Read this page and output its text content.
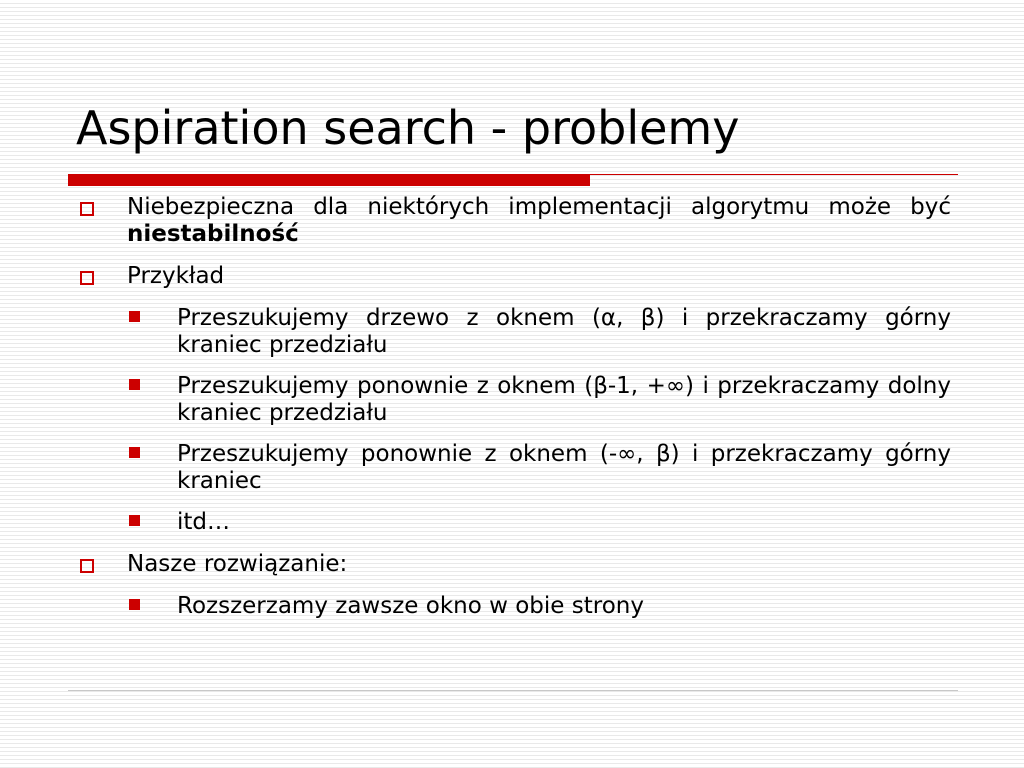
Aspiration search - problemy
Niebezpieczna dla niektórych implementacji algorytmu może być niestabilność
Przykład
Przeszukujemy drzewo z oknem (α, β) i przekraczamy górny kraniec przedziału
Przeszukujemy ponownie z oknem (β-1, +∞) i przekraczamy dolny kraniec przedziału
Przeszukujemy ponownie z oknem (-∞, β) i przekraczamy górny kraniec
itd…
Nasze rozwiązanie:
Rozszerzamy zawsze okno w obie strony
